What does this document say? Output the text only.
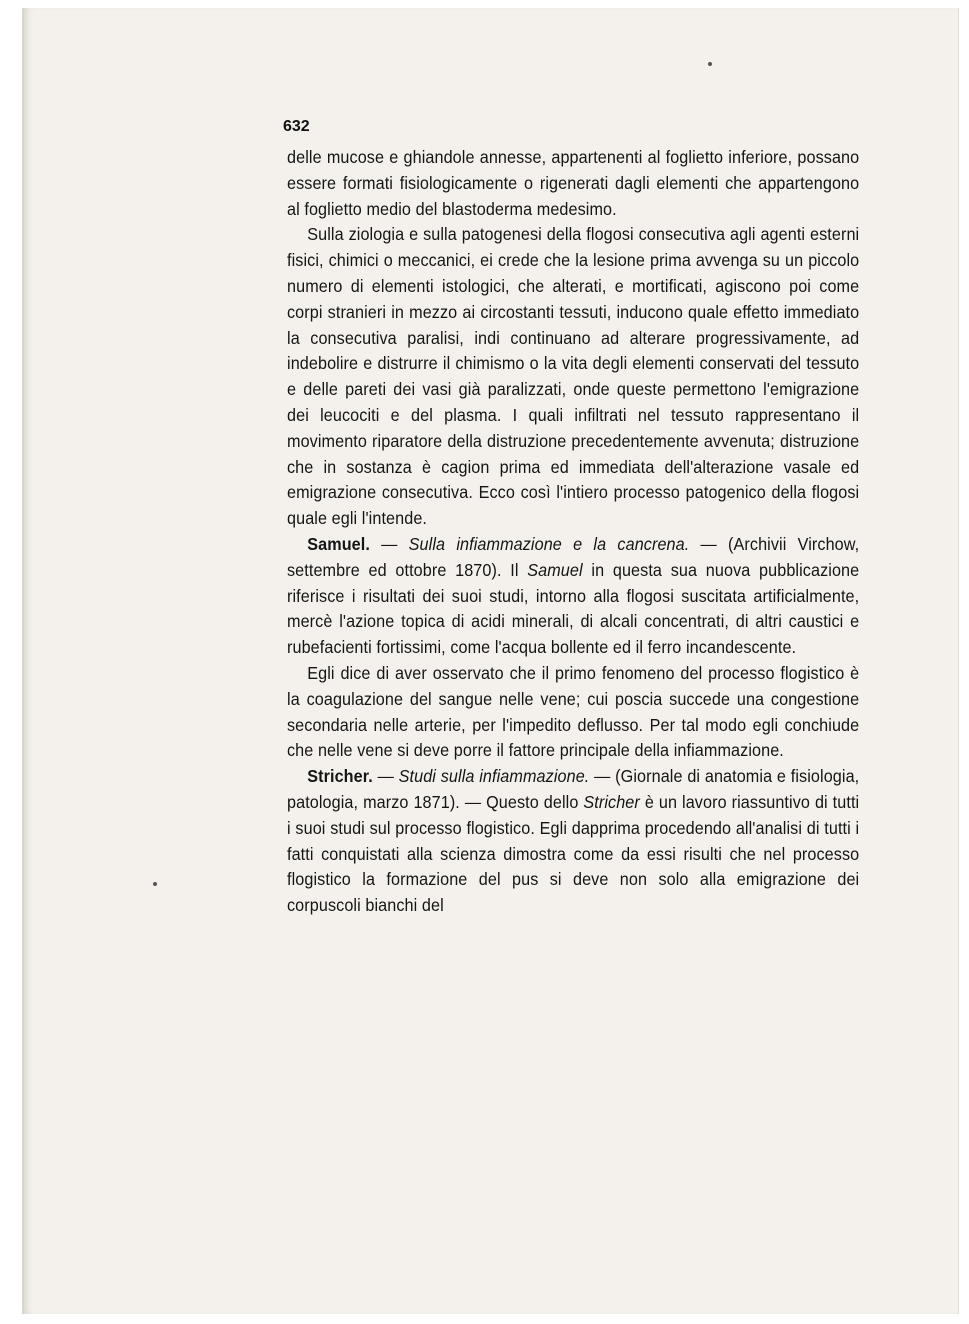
632

delle mucose e ghiandole annesse, appartenenti al foglietto inferiore, possano essere formati fisiologicamente o rigenerati dagli elementi che appartengono al foglietto medio del blastoderma medesimo.

Sulla ziologia e sulla patogenesi della flogosi consecutiva agli agenti esterni fisici, chimici o meccanici, ei crede che la lesione prima avvenga su un piccolo numero di elementi istologici, che alterati, e mortificati, agiscono poi come corpi stranieri in mezzo ai circostanti tessuti, inducono quale effetto immediato la consecutiva paralisi, indi continuano ad alterare progressivamente, ad indebolire e distrurre il chimismo o la vita degli elementi conservati del tessuto e delle pareti dei vasi già paralizzati, onde queste permettono l'emigrazione dei leucociti e del plasma. I quali infiltrati nel tessuto rappresentano il movimento riparatore della distruzione precedentemente avvenuta; distruzione che in sostanza è cagion prima ed immediata dell'alterazione vasale ed emigrazione consecutiva. Ecco così l'intiero processo patogenico della flogosi quale egli l'intende.

Samuel. — Sulla infiammazione e la cancrena. — (Archivii Virchow, settembre ed ottobre 1870). Il Samuel in questa sua nuova pubblicazione riferisce i risultati dei suoi studi, intorno alla flogosi suscitata artificialmente, mercè l'azione topica di acidi minerali, di alcali concentrati, di altri caustici e rubefacienti fortissimi, come l'acqua bollente ed il ferro incandescente.

Egli dice di aver osservato che il primo fenomeno del processo flogistico è la coagulazione del sangue nelle vene; cui poscia succede una congestione secondaria nelle arterie, per l'impedito deflusso. Per tal modo egli conchiude che nelle vene si deve porre il fattore principale della infiammazione.

Stricher. — Studi sulla infiammazione. — (Giornale di anatomia e fisiologia, patologia, marzo 1871). — Questo dello Stricher è un lavoro riassuntivo di tutti i suoi studi sul processo flogistico. Egli dapprima procedendo all'analisi di tutti i fatti conquistati alla scienza dimostra come da essi risulti che nel processo flogistico la formazione del pus si deve non solo alla emigrazione dei corpuscoli bianchi del
